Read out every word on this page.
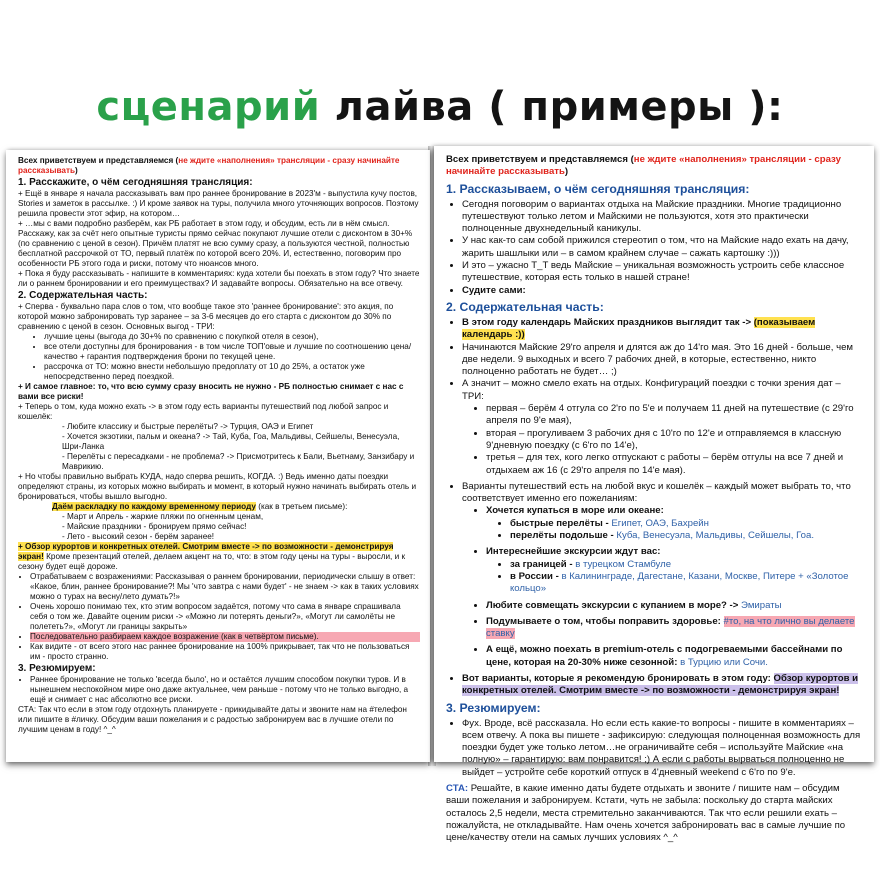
сценарий лайва ( примеры ):

Всех приветствуем и представляемся (не ждите «наполнения» трансляции - сразу начинайте рассказывать)

1. Расскажите, о чём сегодняшняя трансляция:

+ Ещё в январе я начала рассказывать вам про раннее бронирование в 2023'м - выпустила кучу постов, Stories и заметок в рассылке. :) И кроме заявок на туры, получила много уточняющих вопросов. Поэтому решила провести этот эфир, на котором…

+ …мы с вами подробно разберём, как РБ работает в этом году, и обсудим, есть ли в нём смысл. Расскажу, как за счёт него опытные туристы прямо сейчас покупают лучшие отели с дисконтом в 30+% (по сравнению с ценой в сезон). Причём платят не всю сумму сразу, а пользуются честной, полностью бесплатной рассрочкой от ТО, первый платёж по которой всего 20%. И, естественно, поговорим про особенности РБ этого года и риски, потому что нюансов много.

+ Пока я буду рассказывать - напишите в комментариях: куда хотели бы поехать в этом году? Что знаете ли о раннем бронировании и его преимуществах? И задавайте вопросы. Обязательно на все отвечу.

2. Содержательная часть:

+ Сперва - буквально пара слов о том, что вообще такое это 'раннее бронирование': это акция, по которой можно забронировать тур заранее – за 3-6 месяцев до его старта с дисконтом до 30% по сравнению с ценой в сезон. Основных выгод - ТРИ:

• лучшие цены (выгода до 30+% по сравнению с покупкой отеля в сезон),
• все отели доступны для бронирования - в том числе ТОП'овые и лучшие по соотношению цена/качество + гарантия подтверждения брони по текущей цене.
• рассрочка от ТО: можно внести небольшую предоплату от 10 до 25%, а остаток уже непосредственно перед поездкой.

+ И самое главное: то, что всю сумму сразу вносить не нужно - РБ полностью снимает с нас с вами все риски!

+ Теперь о том, куда можно ехать -> в этом году есть варианты путешествий под любой запрос и кошелёк:

- Любите классику и быстрые перелёты? -> Турция, ОАЭ и Египет
- Хочется экзотики, пальм и океана? -> Тай, Куба, Гоа, Мальдивы, Сейшелы, Венесуэла, Шри-Ланка
- Перелёты с пересадками - не проблема? -> Присмотритесь к Бали, Вьетнаму, Занзибару и Маврикию.

+ Но чтобы правильно выбрать КУДА, надо сперва решить, КОГДА. :) Ведь именно даты поездки определяют страны, из которых можно выбирать и момент, в который нужно начинать выбирать отель и бронироваться, чтобы вышло выгодно.

Даём раскладку по каждому временному периоду (как в третьем письме):

- Март и Апрель - жаркие пляжи по огненным ценам,
- Майские праздники - бронируем прямо сейчас!
- Лето - высокий сезон - берём заранее!

+ Обзор курортов и конкретных отелей. Смотрим вместе -> по возможности - демонстрируя экран! Кроме презентаций отелей, делаем акцент на то, что: в этом году цены на туры - выросли, и к сезону будет ещё дороже.

• Отрабатываем с возражениями: Рассказывая о раннем бронировании, периодически слышу в ответ: «Какое, блин, раннее бронирование?! Мы 'что завтра с нами будет' - не знаем -> как в таких условиях можно о турах на весну/лето думать?!»
• Очень хорошо понимаю тех, кто этим вопросом задаётся, потому что сама в январе спрашивала себя о том же. Давайте оценим риски -> «Можно ли потерять деньги?», «Могут ли самолёты не полететь?», «Могут ли границы закрыть»
• Последовательно разбираем каждое возражение (как в четвёртом письме).
• Как видите - от всего этого нас раннее бронирование на 100% прикрывает, так что не пользоваться им - просто странно.
3. Резюмируем:
• Раннее бронирование не только 'всегда было', но и остаётся лучшим способом покупки туров. И в нынешнем неспокойном мире оно даже актуальнее, чем раньше - потому что не только выгодно, а ещё и снимает с нас абсолютно все риски.

СТА: Так что если в этом году отдохнуть планируете - прикидывайте даты и звоните нам на #телефон или пишите в #личку. Обсудим ваши пожелания и с радостью забронируем вас в лучшие отели по лучшим ценам в году! ^_^

Всех приветствуем и представляемся (не ждите «наполнения» трансляции - сразу начинайте рассказывать)

1. Рассказываем, о чём сегодняшняя трансляция:
• Сегодня поговорим о вариантах отдыха на Майские праздники. Многие традиционно путешествуют только летом и Майскими не пользуются, хотя это практически полноценные двухнедельный каникулы.
• У нас как-то сам собой прижился стереотип о том, что на Майские надо ехать на дачу, жарить шашлыки или – в самом крайнем случае – сажать картошку :)))
• И это – ужасно T_T ведь Майские – уникальная возможность устроить себе классное путешествие, которая есть только в нашей стране!
• Судите сами:
2. Содержательная часть:
• В этом году календарь Майских праздников выглядит так -> (показываем календарь :))
• Начинаются Майские 29'го апреля и длятся аж до 14'го мая. Это 16 дней - больше, чем две недели. 9 выходных и всего 7 рабочих дней, в которые, естественно, никто полноценно работать не будет… ;)
• А значит – можно смело ехать на отдых. Конфигураций поездки с точки зрения дат – ТРИ:
• первая – берём 4 отгула со 2'го по 5'е и получаем 11 дней на путешествие (с 29'го апреля по 9'е мая),
• вторая – прогуливаем 3 рабочих дня с 10'го по 12'е и отправляемся в классную 9'дневную поездку (с 6'го по 14'е),
• третья – для тех, кого легко отпускают с работы – берём отгулы на все 7 дней и отдыхаем аж 16 (с 29'го апреля по 14'е мая).
• Варианты путешествий есть на любой вкус и кошелёк – каждый может выбрать то, что соответствует именно его пожеланиям:
• Хочется купаться в море или океане:
• быстрые перелёты - Египет, ОАЭ, Бахрейн
• перелёты подольше - Куба, Венесуэла, Мальдивы, Сейшелы, Гоа.
• Интереснейшие экскурсии ждут вас:
• за границей - в турецком Стамбуле
• в России - в Калининграде, Дагестане, Казани, Москве, Питере + «Золотое кольцо»
• Любите совмещать экскурсии с купанием в море? -> Эмираты
• Подумываете о том, чтобы поправить здоровье: #то, на что лично вы делаете ставку
• А ещё, можно поехать в premium-отель с подогреваемыми бассейнами по цене, которая на 20-30% ниже сезонной: в Турцию или Сочи.
• Вот варианты, которые я рекомендую бронировать в этом году: Обзор курортов и конкретных отелей. Смотрим вместе -> по возможности - демонстрируя экран!
3. Резюмируем:
• Фух. Вроде, всё рассказала. Но если есть какие-то вопросы - пишите в комментариях – всем отвечу. А пока вы пишете - зафиксирую: следующая полноценная возможность для поездки будет уже только летом…не ограничивайте себя – используйте Майские «на полную» – гарантирую: вам понравится! ;) А если с работы вырваться полноценно не выйдет – устройте себе короткий отпуск в 4'дневный weekend с 6'го по 9'е.

СТА: Решайте, в какие именно даты будете отдыхать и звоните / пишите нам – обсудим ваши пожелания и забронируем. Кстати, чуть не забыла: поскольку до старта майских осталось 2,5 недели, места стремительно заканчиваются. Так что если решили ехать – пожалуйста, не откладывайте. Нам очень хочется забронировать вас в самые лучшие по цене/качеству отели на самых лучших условиях ^_^
